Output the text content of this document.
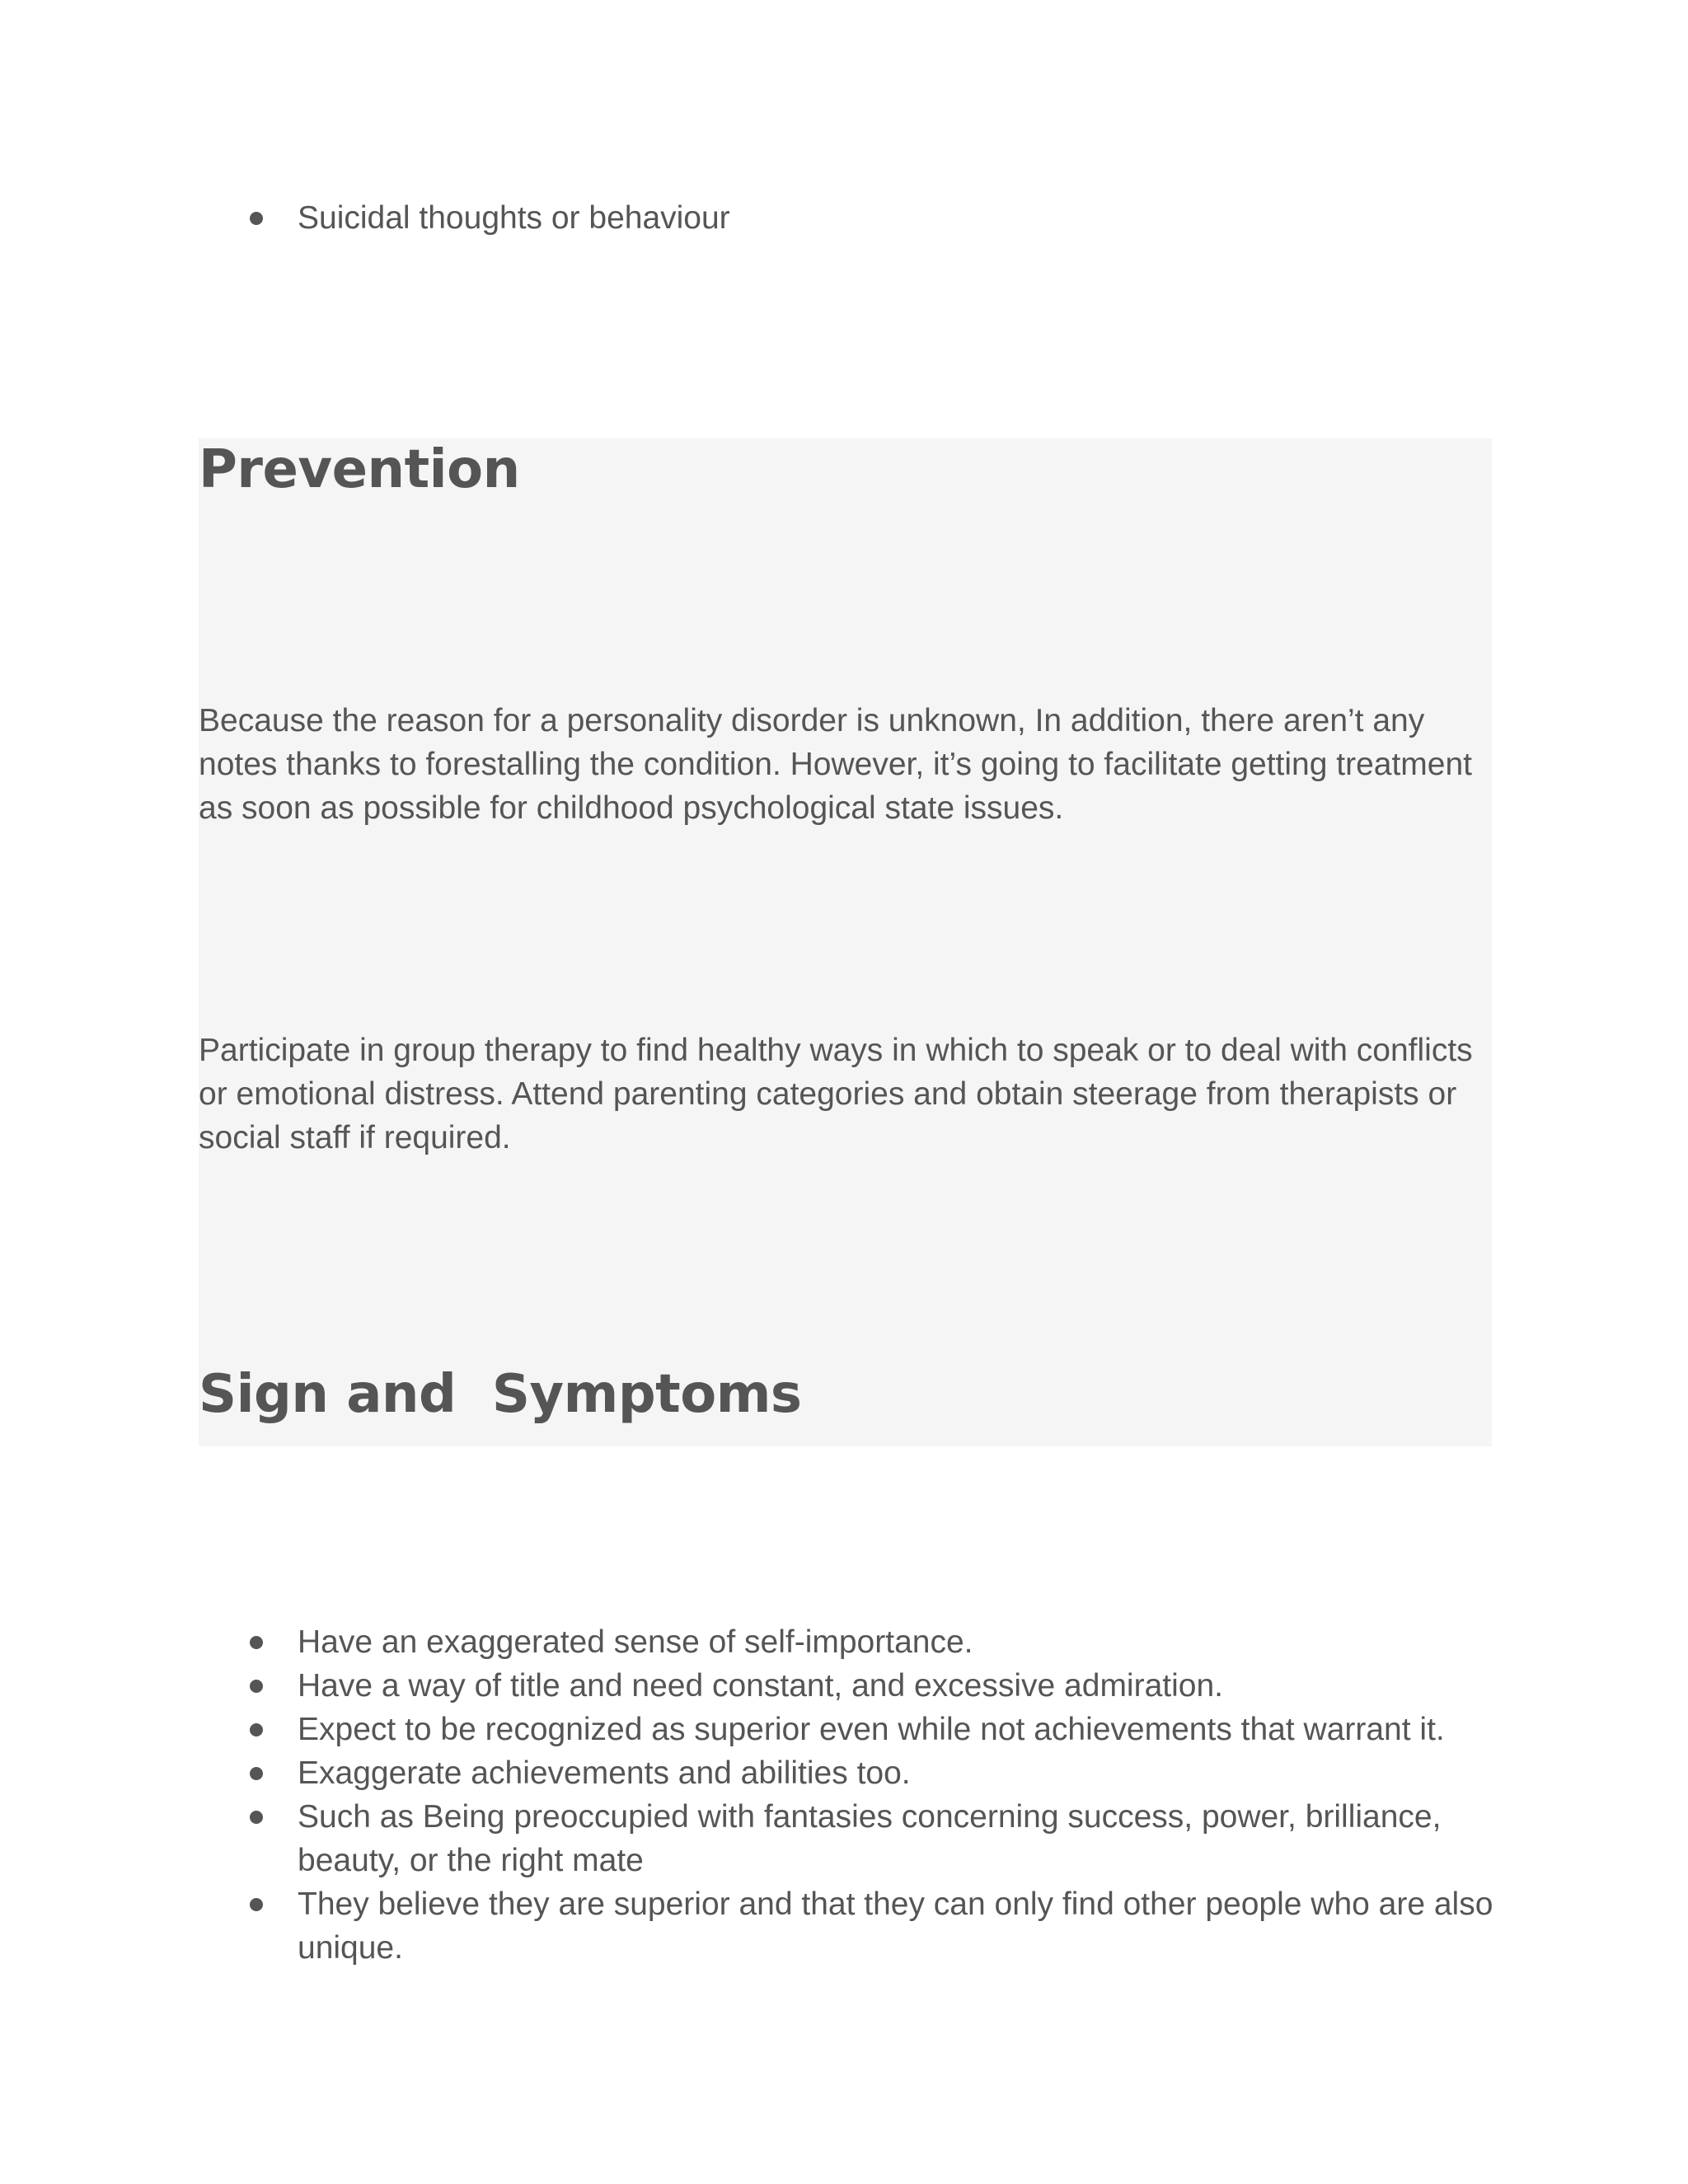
Suicidal thoughts or behaviour
Prevention

Because the reason for a personality disorder is unknown, In addition, there aren’t any notes thanks to forestalling the condition. However, it’s going to facilitate getting treatment as soon as possible for childhood psychological state issues.

Participate in group therapy to find healthy ways in which to speak or to deal with conflicts or emotional distress. Attend parenting categories and obtain steerage from therapists or social staff if required.

Sign and  Symptoms
Have an exaggerated sense of self-importance.
Have a way of title and need constant, and excessive admiration.
Expect to be recognized as superior even while not achievements that warrant it.
Exaggerate achievements and abilities too.
Such as Being preoccupied with fantasies concerning success, power, brilliance, beauty, or the right mate
They believe they are superior and that they can only find other people who are also unique.
